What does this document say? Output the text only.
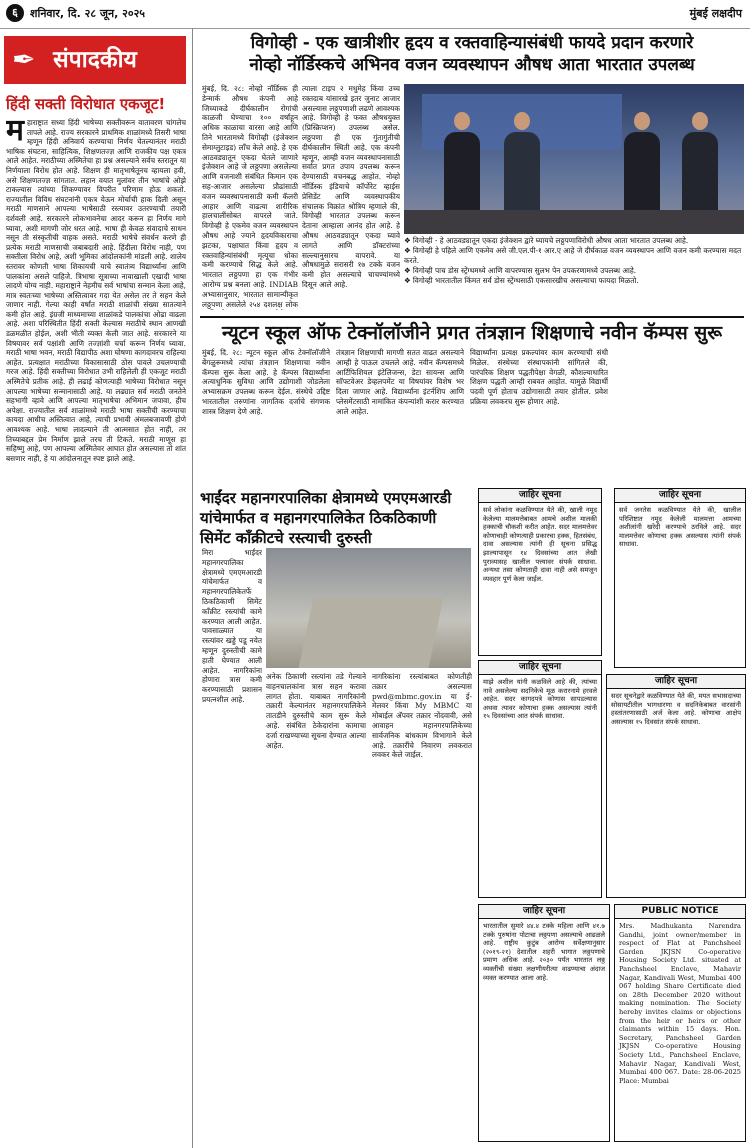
६	शनिवार, दि. २८ जून, २०२५	मुंबई लक्षदीप
✒ संपादकीय
हिंदी सक्ती विरोधात एकजूट!
महाराष्ट्रात सध्या हिंदी भाषेच्या सक्तीवरून वातावरण चांगलेच तापले आहे. राज्य सरकारने प्राथमिक शाळांमध्ये तिसरी भाषा म्हणून हिंदी अनिवार्य करण्याचा निर्णय घेतल्यानंतर मराठी भाषिक संघटना, साहित्यिक, शिक्षणतज्ज्ञ आणि राजकीय पक्ष एकत्र आले आहेत. मराठीच्या अस्मितेचा हा प्रश्न असल्याने सर्वच स्तरातून या निर्णयाला विरोध होत आहे. शिक्षण ही मातृभाषेतूनच व्हायला हवी, असे शिक्षणतज्ज्ञ सांगतात. लहान वयात मुलांवर तीन भाषांचे ओझे टाकल्यास त्यांच्या शिकण्यावर विपरीत परिणाम होऊ शकतो. राज्यातील विविध संघटनांनी एकत्र येऊन मोर्चाची हाक दिली असून मराठी माणसाने आपल्या भाषेसाठी रस्त्यावर उतरण्याची तयारी दर्शवली आहे. सरकारने लोकभावनेचा आदर करून हा निर्णय मागे घ्यावा, अशी मागणी जोर धरत आहे. भाषा ही केवळ संवादाचे साधन नसून ती संस्कृतीची वाहक असते. मराठी भाषेचे संवर्धन करणे ही प्रत्येक मराठी माणसाची जबाबदारी आहे. हिंदीला विरोध नाही, पण सक्तीला विरोध आहे, अशी भूमिका आंदोलकांनी मांडली आहे. शालेय स्तरावर कोणती भाषा शिकायची याचे स्वातंत्र्य विद्यार्थ्यांना आणि पालकांना असले पाहिजे. त्रिभाषा सूत्राच्या नावाखाली एखादी भाषा लादणे योग्य नाही. महाराष्ट्राने नेहमीच सर्व भाषांचा सन्मान केला आहे, मात्र स्वतःच्या भाषेच्या अस्तित्वावर गदा येत असेल तर ते सहन केले जाणार नाही. गेल्या काही वर्षांत मराठी शाळांची संख्या सातत्याने कमी होत आहे. इंग्रजी माध्यमाच्या शाळांकडे पालकांचा ओढा वाढला आहे. अशा परिस्थितीत हिंदी सक्ती केल्यास मराठीचे स्थान आणखी डळमळीत होईल, अशी भीती व्यक्त केली जात आहे. सरकारने या विषयावर सर्व पक्षांशी आणि तज्ज्ञांशी चर्चा करून निर्णय घ्यावा. मराठी भाषा भवन, मराठी विद्यापीठ अशा घोषणा कागदावरच राहिल्या आहेत. प्रत्यक्षात मराठीच्या विकासासाठी ठोस पावले उचलण्याची गरज आहे. हिंदी सक्तीच्या विरोधात उभी राहिलेली ही एकजूट मराठी अस्मितेचे प्रतीक आहे. ही लढाई कोणत्याही भाषेच्या विरोधात नसून आपल्या भाषेच्या सन्मानासाठी आहे. या लढ्यात सर्व मराठी जनतेने सहभागी व्हावे आणि आपल्या मातृभाषेचा अभिमान जपावा, हीच अपेक्षा. राज्यातील सर्व शाळांमध्ये मराठी भाषा सक्तीची करण्याचा कायदा आधीच अस्तित्वात आहे, त्याची प्रभावी अंमलबजावणी होणे आवश्यक आहे. भाषा लादल्याने ती आत्मसात होत नाही, तर तिच्याबद्दल प्रेम निर्माण झाले तरच ती टिकते. मराठी माणूस हा सहिष्णु आहे, पण आपल्या अस्मितेवर आघात होत असल्यास तो शांत बसणार नाही, हे या आंदोलनातून स्पष्ट झाले आहे.
विगोव्ही - एक खात्रीशीर हृदय व रक्तवाहिन्यासंबंधी फायदे प्रदान करणारे
नोव्हो नॉर्डिस्कचे अभिनव वजन व्यवस्थापन औषध आता भारतात उपलब्ध
मुंबई, दि. २८: नोव्हो नॉर्डिस्क ही डेन्मार्क औषध कंपनी आहे जिच्याकडे दीर्घकालीन रोगांची काळजी घेण्याचा १०० वर्षांहून अधिक काळाचा वारसा आहे आणि तिने भारतामध्ये विगोव्ही (इंजेक्शन सेमाग्लुटाइड) लाँच केले आहे. हे एक आठवड्यातून एकदा घेतले जाणारे इंजेक्शन आहे जे लठ्ठपणा असलेल्या आणि वजनाशी संबंधित किमान एक सह-आजार असलेल्या प्रौढांसाठी वजन व्यवस्थापनासाठी कमी कॅलरी आहार आणि वाढत्या शारीरिक हालचालींसोबत वापरले जाते. विगोव्ही हे एकमेव वजन व्यवस्थापन औषध आहे ज्याने हृदयविकाराचा झटका, पक्षाघात किंवा हृदय व रक्तवाहिन्यांसंबंधी मृत्यूचा धोका कमी करण्याचे सिद्ध केले आहे. भारतात लठ्ठपणा हा एक गंभीर आरोग्य प्रश्न बनला आहे. INDIAB अभ्यासानुसार, भारतात सामान्यीकृत लठ्ठपणा असलेले २५४ दशलक्ष लोक
त्याला टाइप २ मधुमेह किंवा उच्च रक्तदाब यांसारखे इतर जुनाट आजार असल्यास लठ्ठपणाशी लढणे आवश्यक आहे. विगोव्ही हे फक्त औषधयुक्त (प्रिस्क्रिप्शन) उपलब्ध असेल. लठ्ठपणा ही एक गुंतागुंतीची दीर्घकालीन स्थिती आहे. एक कंपनी म्हणून, आम्ही वजन व्यवस्थापनासाठी सर्वात प्रगत उपाय उपलब्ध करून देण्यासाठी वचनबद्ध आहोत. नोव्हो नॉर्डिस्क इंडियाचे कॉर्पोरेट व्हाईस प्रेसिडेंट आणि व्यवस्थापकीय संचालक विक्रांत श्रोत्रिय म्हणाले की, विगोव्ही भारतात उपलब्ध करून देताना आम्हाला आनंद होत आहे. हे औषध आठवड्यातून एकदा घ्यावे लागते आणि डॉक्टरांच्या सल्ल्यानुसारच वापरावे. या औषधामुळे सरासरी १७ टक्के वजन कमी होत असल्याचे चाचण्यांमध्ये दिसून आले आहे.
❖ विगोव्ही - हे आठवड्यातून एकदा इंजेक्शन द्वारे घ्यायचे लठ्ठपणाविरोधी औषध आता भारतात उपलब्ध आहे.
❖ विगोव्ही हे पहिले आणि एकमेव असे जी.एल.पी-१ आर.ए आहे जे दीर्घकाळ वजन व्यवस्थापन आणि वजन कमी करण्यास मदत करते.
❖ विगोव्ही पाच डोस स्ट्रेंग्थमध्ये आणि वापरण्यास सुलभ पेन उपकरणामध्ये उपलब्ध आहे.
❖ विगोव्ही भारतातील किंमत सर्व डोस स्ट्रेंग्थसाठी एकसारखीच असल्याचा फायदा मिळतो.
न्यूटन स्कूल ऑफ टेक्नॉलॉजीने प्रगत तंत्रज्ञान शिक्षणाचे नवीन कॅम्पस सुरू
मुंबई, दि. २८: न्यूटन स्कूल ऑफ टेक्नॉलॉजीने बेंगळुरूमध्ये त्यांचा तंत्रज्ञान शिक्षणाचा नवीन कॅम्पस सुरू केला आहे. हे कॅम्पस विद्यार्थ्यांना अत्याधुनिक सुविधा आणि उद्योगाशी जोडलेला अभ्यासक्रम उपलब्ध करून देईल. संस्थेचे उद्दिष्ट भारतातील तरुणांना जागतिक दर्जाचे संगणक शास्त्र शिक्षण देणे आहे.
तंत्रज्ञान शिक्षणाची मागणी सतत वाढत असल्याने आम्ही हे पाऊल उचलले आहे. नवीन कॅम्पसमध्ये आर्टिफिशियल इंटेलिजन्स, डेटा सायन्स आणि सॉफ्टवेअर डेव्हलपमेंट या विषयांवर विशेष भर दिला जाणार आहे. विद्यार्थ्यांना इंटर्नशिप आणि प्लेसमेंटसाठी नामांकित कंपन्यांशी करार करण्यात आले आहेत.
विद्यार्थ्यांना प्रत्यक्ष प्रकल्पांवर काम करण्याची संधी मिळेल. संस्थेच्या संस्थापकांनी सांगितले की, पारंपरिक शिक्षण पद्धतीपेक्षा वेगळी, कौशल्याधारित शिक्षण पद्धती आम्ही राबवत आहोत. यामुळे विद्यार्थी पदवी पूर्ण होताच उद्योगासाठी तयार होतील. प्रवेश प्रक्रिया लवकरच सुरू होणार आहे.
भाईंदर महानगरपालिका क्षेत्रामध्ये एमएमआरडी यांचेमार्फत व महानगरपालिकेत ठिकठिकाणी सिमेंट कॉंक्रीटचे रस्त्याची दुरुस्ती
मिरा भाईंदर महानगरपालिका क्षेत्रामध्ये एमएमआरडी यांचेमार्फत व महानगरपालिकेतर्फे ठिकठिकाणी सिमेंट कॉंक्रीट रस्त्यांची कामे करण्यात आली आहेत. पावसाळ्यात या रस्त्यांवर खड्डे पडू नयेत म्हणून दुरुस्तीची कामे हाती घेण्यात आली आहेत. नागरिकांना होणारा त्रास कमी करण्यासाठी प्रशासन प्रयत्नशील आहे.
अनेक ठिकाणी रस्त्यांना तडे गेल्याने वाहनचालकांना त्रास सहन करावा लागत होता. याबाबत नागरिकांनी तक्रारी केल्यानंतर महानगरपालिकेने तातडीने दुरुस्तीचे काम सुरू केले आहे. संबंधित ठेकेदारांना कामाचा दर्जा राखण्याच्या सूचना देण्यात आल्या आहेत.
नागरिकांना रस्त्यांबाबत कोणतीही तक्रार असल्यास pwd@mbmc.gov.in या ई-मेलवर किंवा My MBMC या मोबाईल अ‍ॅपवर तक्रार नोंदवावी, असे आवाहन महानगरपालिकेच्या सार्वजनिक बांधकाम विभागाने केले आहे. तक्रारींचे निवारण लवकरात लवकर केले जाईल.
जाहिर सूचना
सर्व लोकांना कळविण्यात येते की, खाली नमूद केलेल्या मालमत्तेबाबत आमचे अशील मालकी हक्काची चौकशी करीत आहेत. सदर मालमत्तेवर कोणाचाही कोणत्याही प्रकारचा हक्क, हितसंबंध, दावा असल्यास त्यांनी ही सूचना प्रसिद्ध झाल्यापासून १४ दिवसांच्या आत लेखी पुराव्यासह खालील पत्त्यावर संपर्क साधावा. अन्यथा तसा कोणताही दावा नाही असे समजून व्यवहार पूर्ण केला जाईल.
जाहिर सूचना
माझे अशील यांनी कळविले आहे की, त्यांच्या नावे असलेल्या सदनिकेचे मूळ करारनामे हरवले आहेत. सदर कागदपत्रे कोणास सापडल्यास अथवा त्यावर कोणाचा हक्क असल्यास त्यांनी १५ दिवसांच्या आत संपर्क साधावा.
जाहिर सूचना
सर्व जनतेस कळविण्यात येते की, खालील परिशिष्टात नमूद केलेली मालमत्ता आमच्या अशीलांनी खरेदी करण्याचे ठरविले आहे. सदर मालमत्तेवर कोणाचा हक्क असल्यास त्यांनी संपर्क साधावा.
जाहिर सूचना
सदर सूचनेद्वारे कळविण्यात येते की, मयत सभासदाच्या सोसायटीतील भागधारणा व सदनिकेबाबत वारसांनी हस्तांतरणासाठी अर्ज केला आहे. कोणाचा आक्षेप असल्यास १५ दिवसांत संपर्क साधावा.
PUBLIC NOTICE
Mrs. Madhukanta Narendra Gandhi, joint owner/member in respect of Flat at Panchsheel Garden JKJSN Co-operative Housing Society Ltd. situated at Panchsheel Enclave, Mahavir Nagar, Kandivali West, Mumbai 400 067 holding Share Certificate died on 28th December 2020 without making nomination. The Society hereby invites claims or objections from the heir or heirs or other claimants within 15 days. Hon. Secretary, Panchsheel Garden JKJSN Co-operative Housing Society Ltd., Panchsheel Enclave, Mahavir Nagar, Kandivali West, Mumbai 400 067. Date: 28-06-2025 Place: Mumbai
जाहिर सूचना
भारतातील सुमारे ४४.४ टक्के महिला आणि ४१.७ टक्के पुरुषांना पोटाचा लठ्ठपणा असल्याचे आढळले आहे. राष्ट्रीय कुटुंब आरोग्य सर्वेक्षणानुसार (२०१९-२१) देशातील शहरी भागात लठ्ठपणाचे प्रमाण अधिक आहे. २०३० पर्यंत भारतात लठ्ठ व्यक्तींची संख्या लक्षणीयरीत्या वाढण्याचा अंदाज व्यक्त करण्यात आला आहे.
